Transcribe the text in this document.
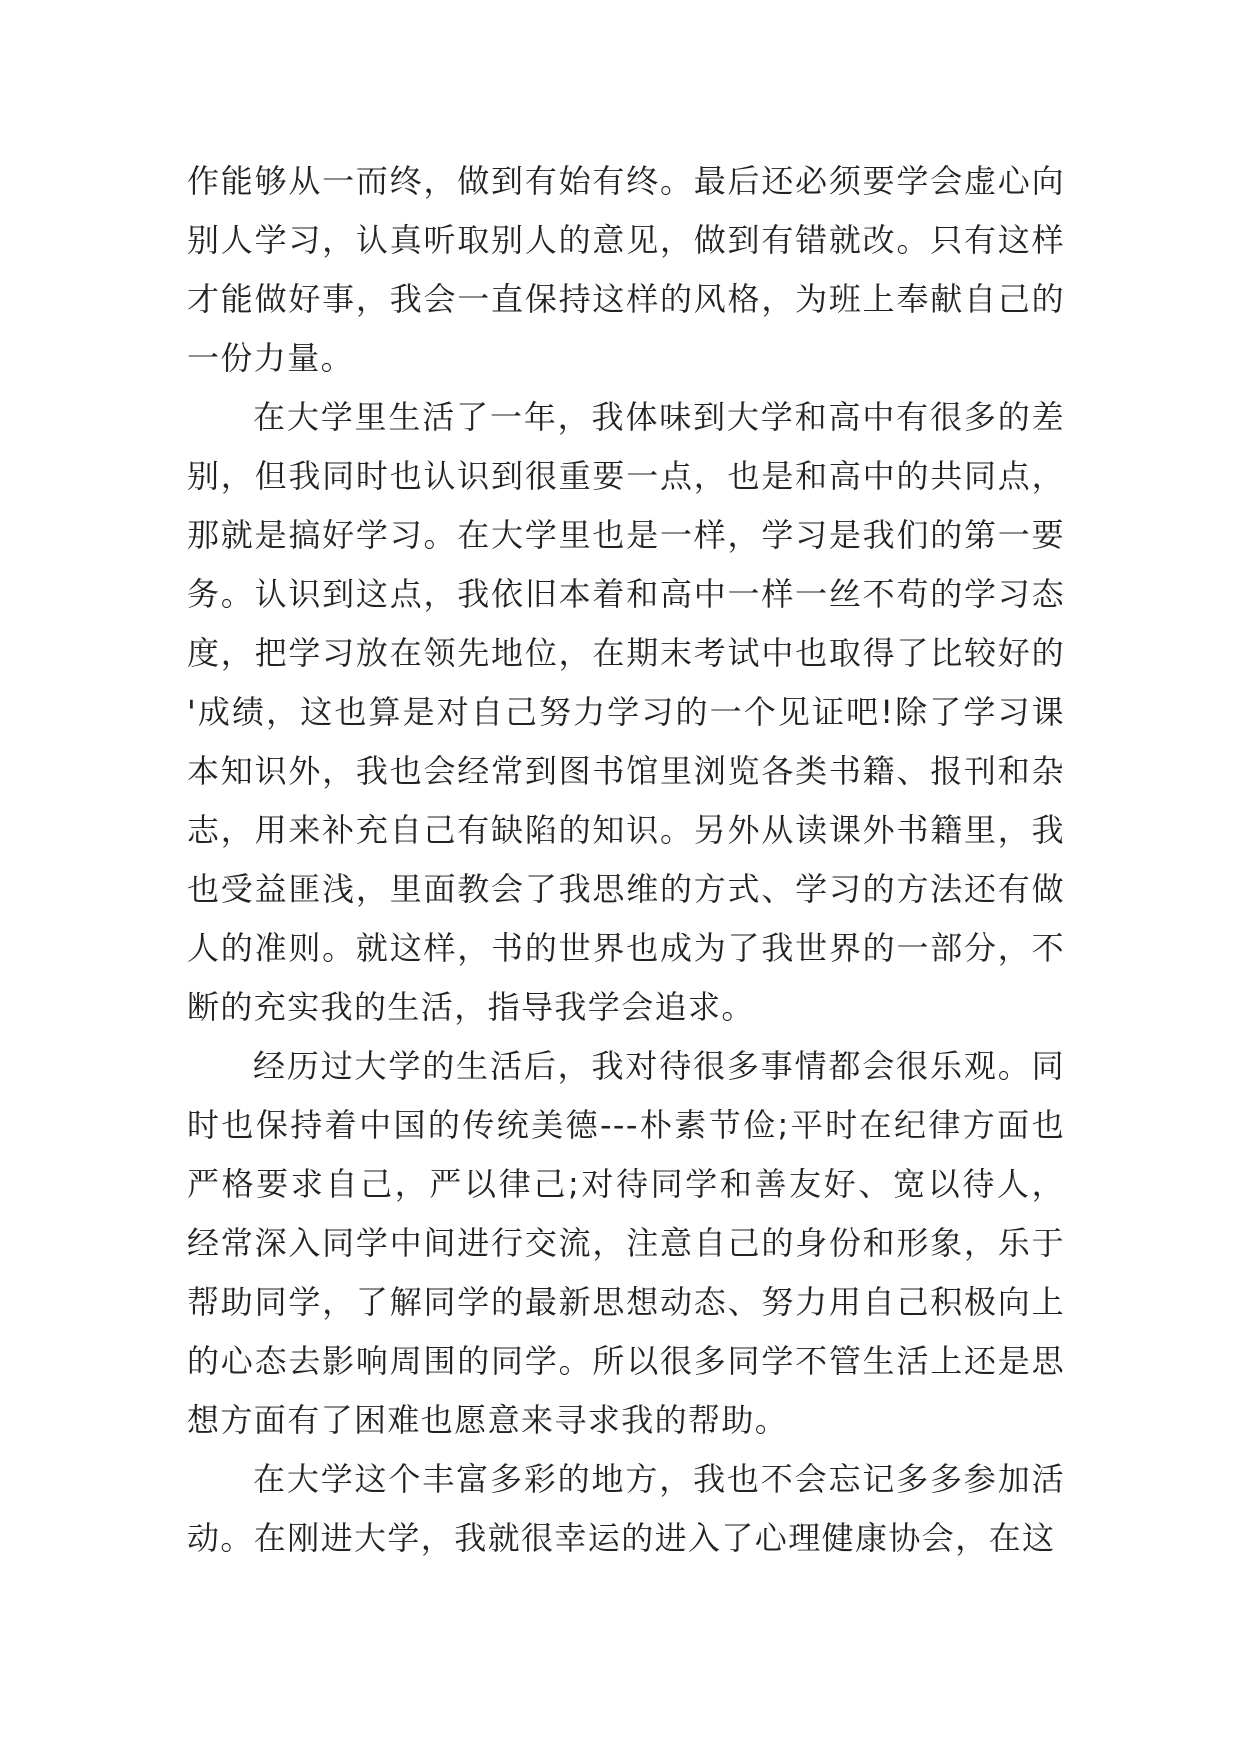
作能够从一而终，做到有始有终。最后还必须要学会虚心向别人学习，认真听取别人的意见，做到有错就改。只有这样才能做好事，我会一直保持这样的风格，为班上奉献自己的一份力量。

在大学里生活了一年，我体味到大学和高中有很多的差别，但我同时也认识到很重要一点，也是和高中的共同点，那就是搞好学习。在大学里也是一样，学习是我们的第一要务。认识到这点，我依旧本着和高中一样一丝不苟的学习态度，把学习放在领先地位，在期末考试中也取得了比较好的'成绩，这也算是对自己努力学习的一个见证吧!除了学习课本知识外，我也会经常到图书馆里浏览各类书籍、报刊和杂志，用来补充自己有缺陷的知识。另外从读课外书籍里，我也受益匪浅，里面教会了我思维的方式、学习的方法还有做人的准则。就这样，书的世界也成为了我世界的一部分，不断的充实我的生活，指导我学会追求。

经历过大学的生活后，我对待很多事情都会很乐观。同时也保持着中国的传统美德---朴素节俭;平时在纪律方面也严格要求自己，严以律己;对待同学和善友好、宽以待人，经常深入同学中间进行交流，注意自己的身份和形象，乐于帮助同学，了解同学的最新思想动态、努力用自己积极向上的心态去影响周围的同学。所以很多同学不管生活上还是思想方面有了困难也愿意来寻求我的帮助。

在大学这个丰富多彩的地方，我也不会忘记多多参加活动。在刚进大学，我就很幸运的进入了心理健康协会，在这
